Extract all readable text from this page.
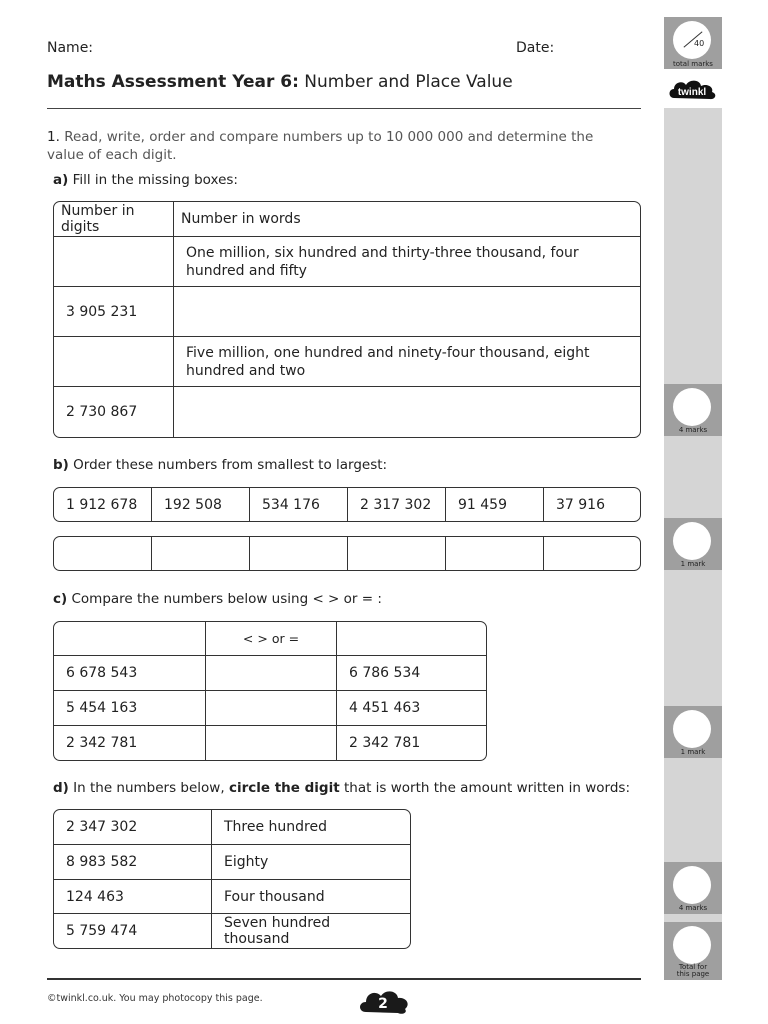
Name:	Date:
Maths Assessment Year 6: Number and Place Value
1. Read, write, order and compare numbers up to 10 000 000 and determine the value of each digit.
a) Fill in the missing boxes:
Number in digits	Number in words
	One million, six hundred and thirty-three thousand, four hundred and fifty
3 905 231	
	Five million, one hundred and ninety-four thousand, eight hundred and two
2 730 867	
b) Order these numbers from smallest to largest:
1 912 678	192 508	534 176	2 317 302	91 459	37 916

c) Compare the numbers below using < > or = :
	< > or =	
6 678 543		6 786 534
5 454 163		4 451 463
2 342 781		2 342 781
d) In the numbers below, circle the digit that is worth the amount written in words:
2 347 302	Three hundred
8 983 582	Eighty
124 463	Four thousand
5 759 474	Seven hundred thousand
40
total marks
twinkl
4 marks
1 mark
1 mark
4 marks
Total for
this page
©twinkl.co.uk. You may photocopy this page.	2
